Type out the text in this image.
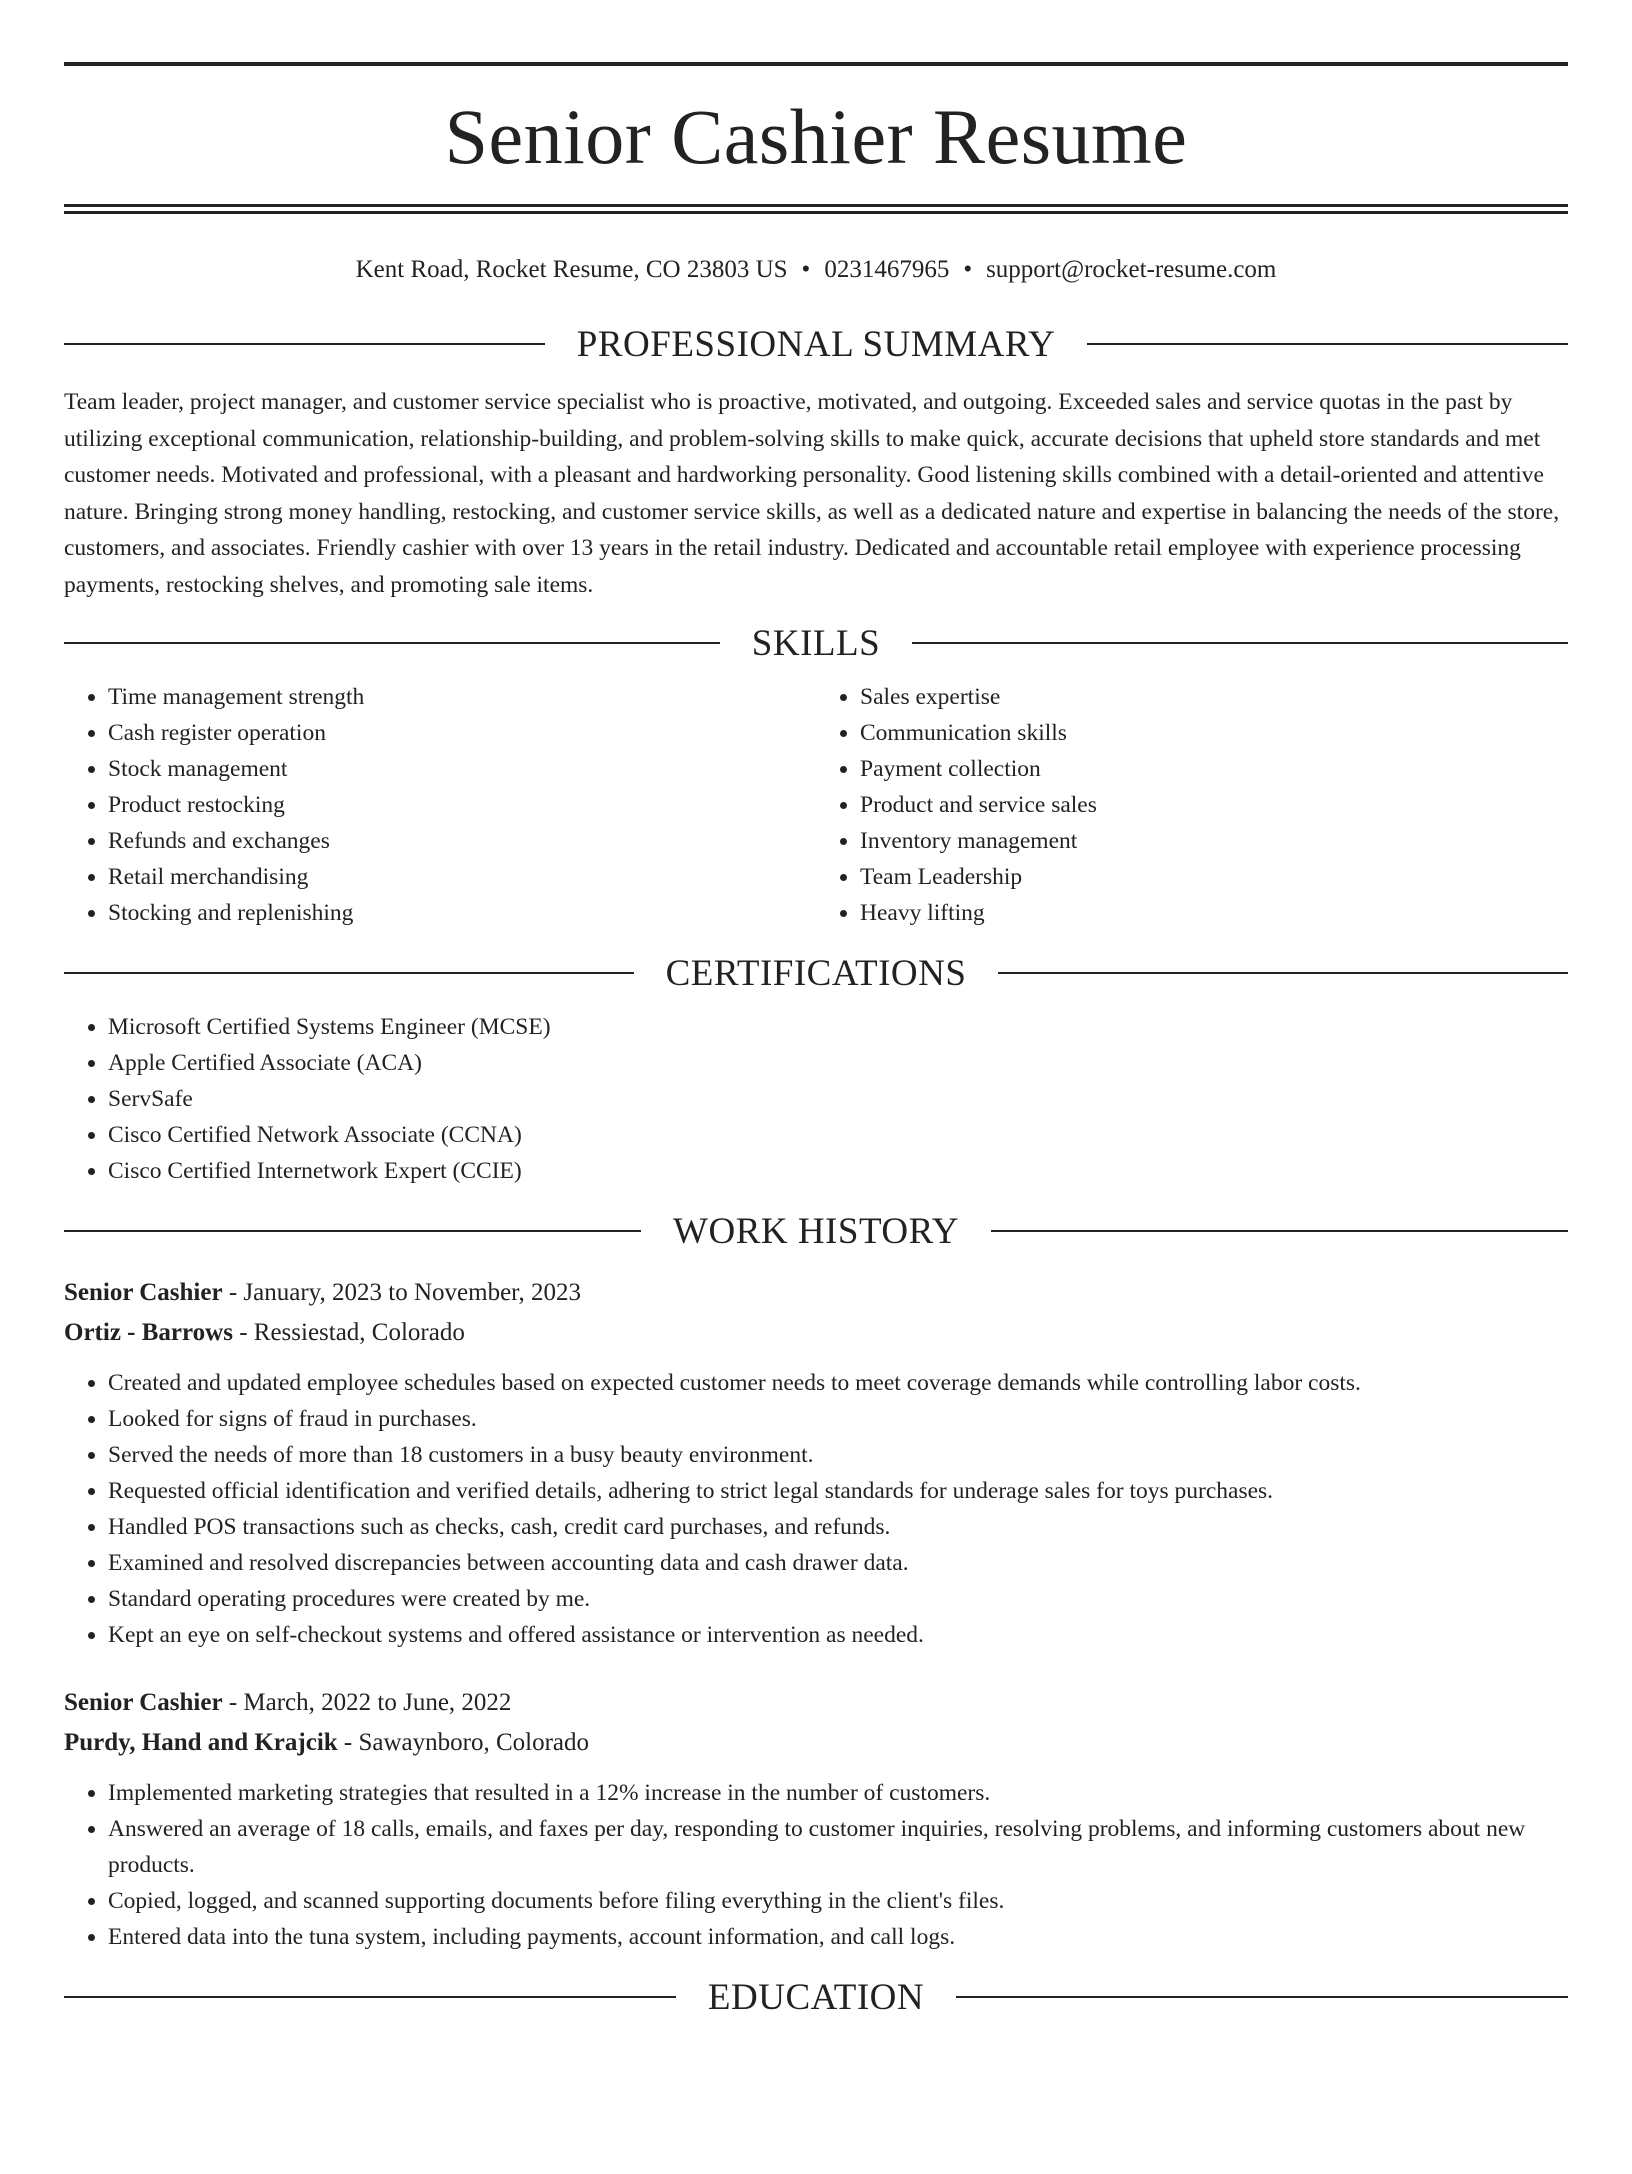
Senior Cashier Resume
Kent Road, Rocket Resume, CO 23803 US • 0231467965 • support@rocket-resume.com
PROFESSIONAL SUMMARY

Team leader, project manager, and customer service specialist who is proactive, motivated, and outgoing. Exceeded sales and service quotas in the past by utilizing exceptional communication, relationship-building, and problem-solving skills to make quick, accurate decisions that upheld store standards and met customer needs. Motivated and professional, with a pleasant and hardworking personality. Good listening skills combined with a detail-oriented and attentive nature. Bringing strong money handling, restocking, and customer service skills, as well as a dedicated nature and expertise in balancing the needs of the store, customers, and associates. Friendly cashier with over 13 years in the retail industry. Dedicated and accountable retail employee with experience processing payments, restocking shelves, and promoting sale items.

SKILLS
• Time management strength
• Cash register operation
• Stock management
• Product restocking
• Refunds and exchanges
• Retail merchandising
• Stocking and replenishing
• Sales expertise
• Communication skills
• Payment collection
• Product and service sales
• Inventory management
• Team Leadership
• Heavy lifting
CERTIFICATIONS
• Microsoft Certified Systems Engineer (MCSE)
• Apple Certified Associate (ACA)
• ServSafe
• Cisco Certified Network Associate (CCNA)
• Cisco Certified Internetwork Expert (CCIE)
WORK HISTORY
Senior Cashier - January, 2023 to November, 2023
Ortiz - Barrows - Ressiestad, Colorado
• Created and updated employee schedules based on expected customer needs to meet coverage demands while controlling labor costs.
• Looked for signs of fraud in purchases.
• Served the needs of more than 18 customers in a busy beauty environment.
• Requested official identification and verified details, adhering to strict legal standards for underage sales for toys purchases.
• Handled POS transactions such as checks, cash, credit card purchases, and refunds.
• Examined and resolved discrepancies between accounting data and cash drawer data.
• Standard operating procedures were created by me.
• Kept an eye on self-checkout systems and offered assistance or intervention as needed.
Senior Cashier - March, 2022 to June, 2022
Purdy, Hand and Krajcik - Sawaynboro, Colorado
• Implemented marketing strategies that resulted in a 12% increase in the number of customers.
• Answered an average of 18 calls, emails, and faxes per day, responding to customer inquiries, resolving problems, and informing customers about new products.
• Copied, logged, and scanned supporting documents before filing everything in the client's files.
• Entered data into the tuna system, including payments, account information, and call logs.
EDUCATION
